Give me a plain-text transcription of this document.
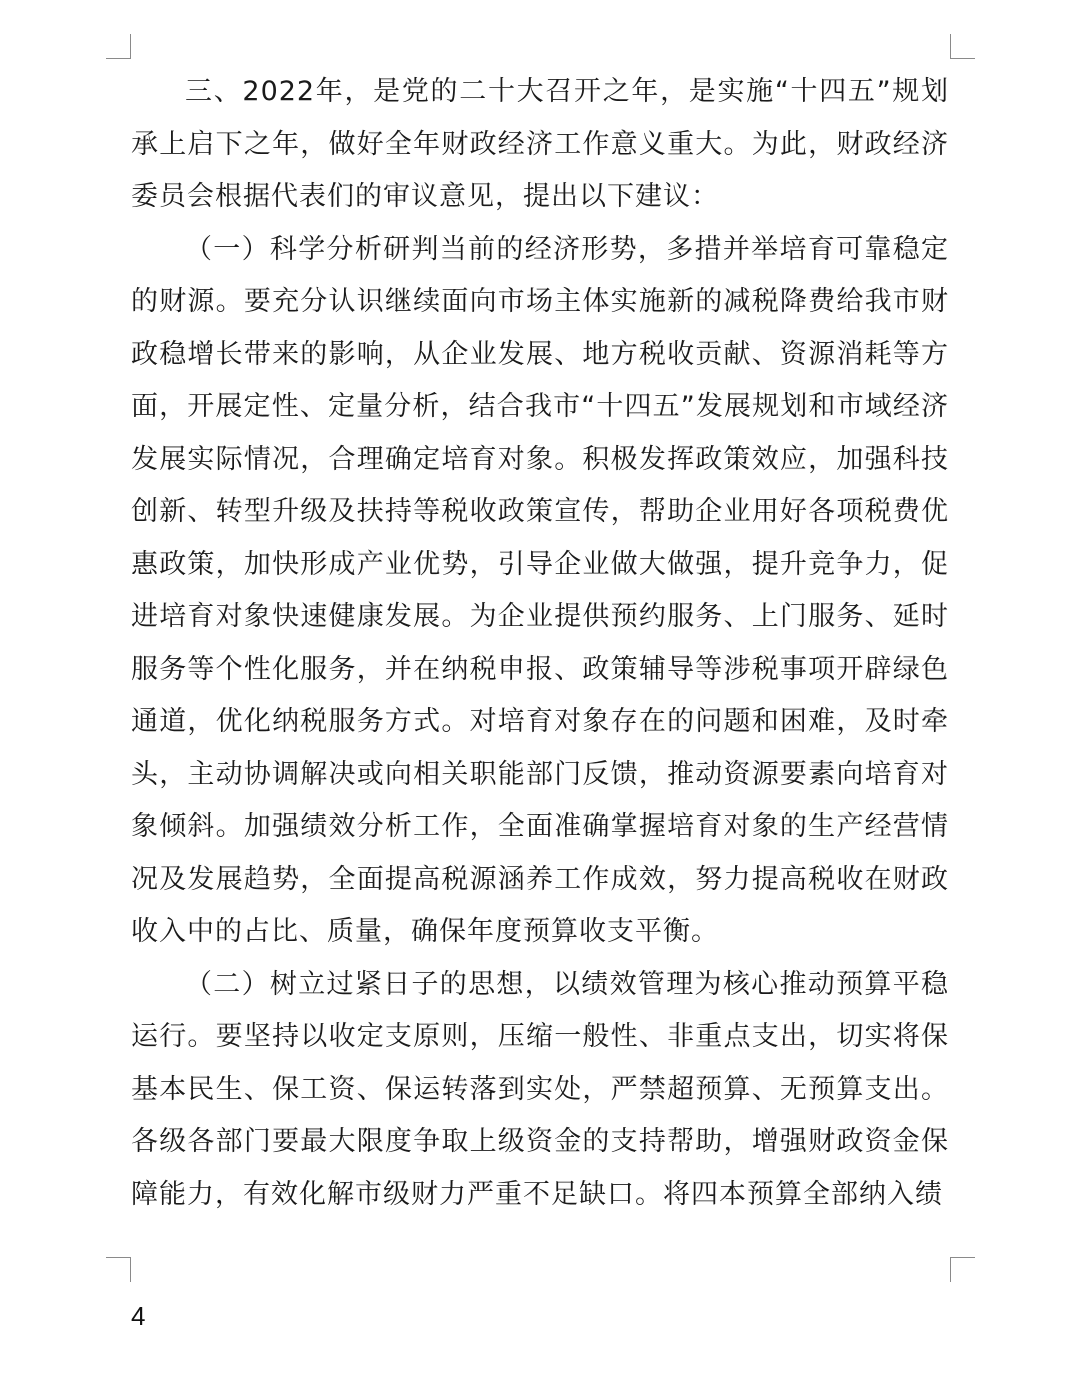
三、2022年，是党的二十大召开之年，是实施“十四五”规划承上启下之年，做好全年财政经济工作意义重大。为此，财政经济委员会根据代表们的审议意见，提出以下建议：

（一）科学分析研判当前的经济形势，多措并举培育可靠稳定的财源。要充分认识继续面向市场主体实施新的减税降费给我市财政稳增长带来的影响，从企业发展、地方税收贡献、资源消耗等方面，开展定性、定量分析，结合我市“十四五”发展规划和市域经济发展实际情况，合理确定培育对象。积极发挥政策效应，加强科技创新、转型升级及扶持等税收政策宣传，帮助企业用好各项税费优惠政策，加快形成产业优势，引导企业做大做强，提升竞争力，促进培育对象快速健康发展。为企业提供预约服务、上门服务、延时服务等个性化服务，并在纳税申报、政策辅导等涉税事项开辟绿色通道，优化纳税服务方式。对培育对象存在的问题和困难，及时牵头，主动协调解决或向相关职能部门反馈，推动资源要素向培育对象倾斜。加强绩效分析工作，全面准确掌握培育对象的生产经营情况及发展趋势，全面提高税源涵养工作成效，努力提高税收在财政收入中的占比、质量，确保年度预算收支平衡。

（二）树立过紧日子的思想，以绩效管理为核心推动预算平稳运行。要坚持以收定支原则，压缩一般性、非重点支出，切实将保基本民生、保工资、保运转落到实处，严禁超预算、无预算支出。各级各部门要最大限度争取上级资金的支持帮助，增强财政资金保障能力，有效化解市级财力严重不足缺口。将四本预算全部纳入绩

4
